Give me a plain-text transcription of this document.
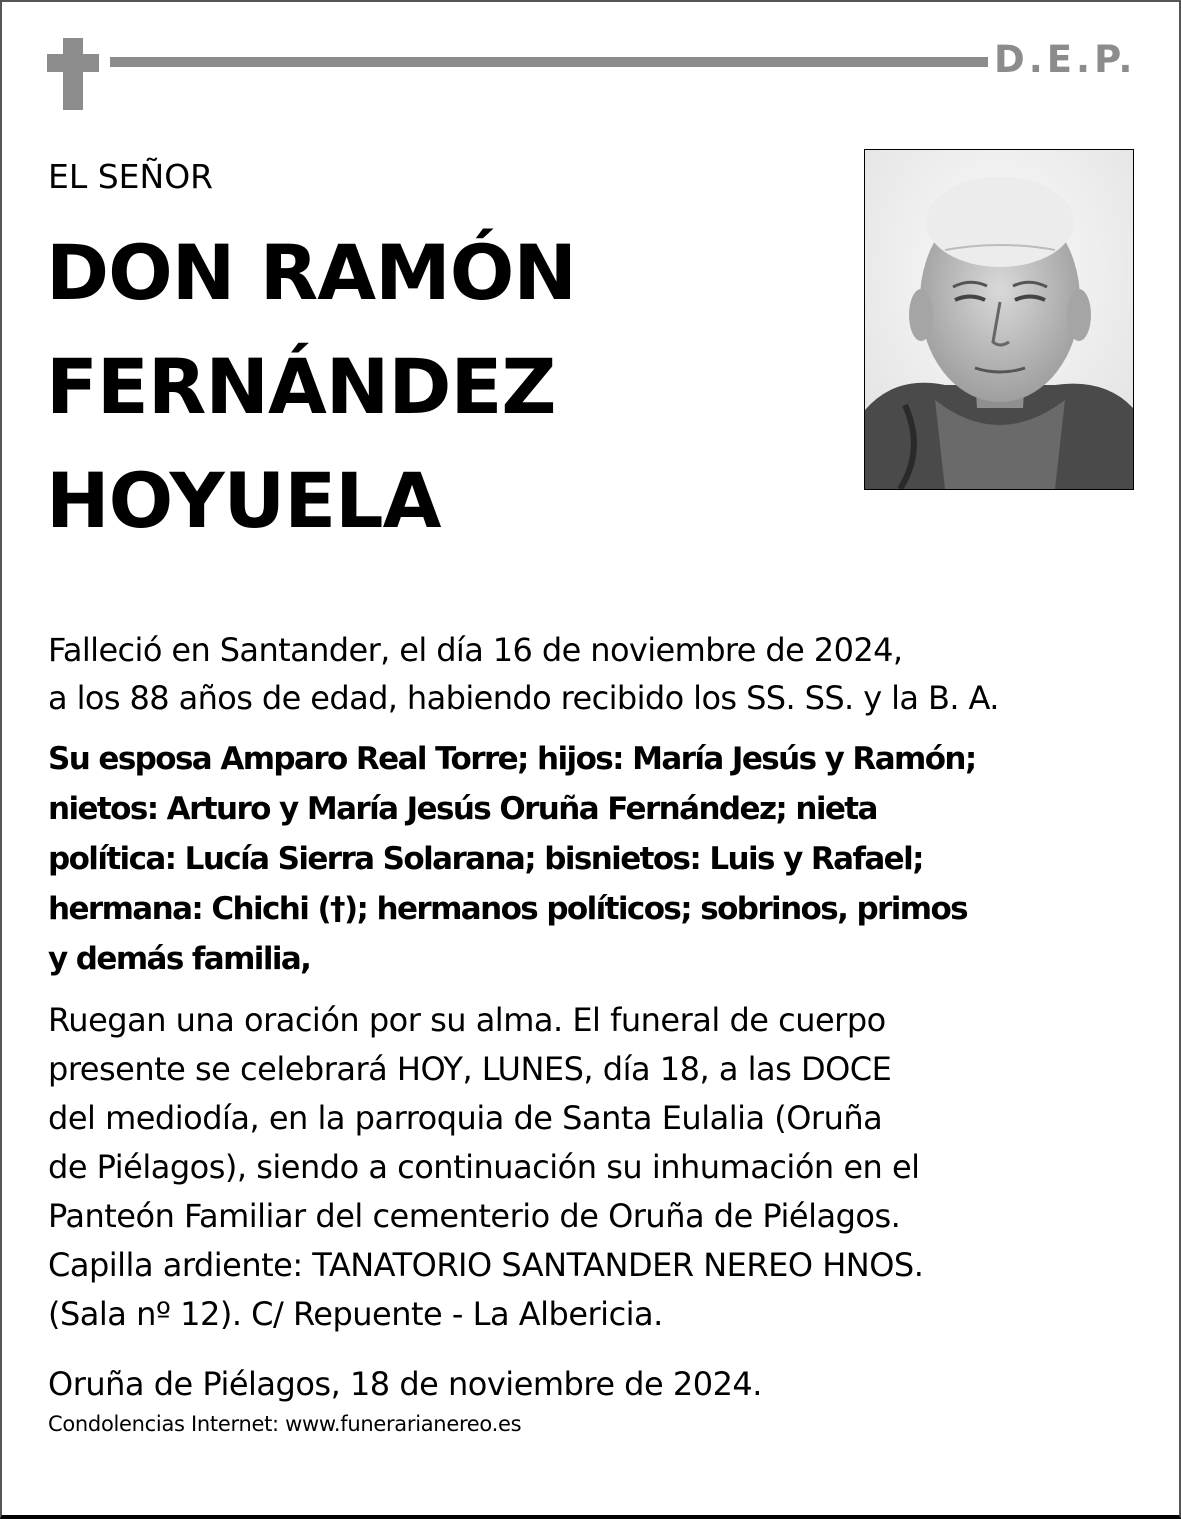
D.E.P.
EL SEÑOR
DON RAMÓN
FERNÁNDEZ
HOYUELA
Falleció en Santander, el día 16 de noviembre de 2024,
a los 88 años de edad, habiendo recibido los SS. SS. y la B. A.
Su esposa Amparo Real Torre; hijos: María Jesús y Ramón;
nietos: Arturo y María Jesús Oruña Fernández; nieta
política: Lucía Sierra Solarana; bisnietos: Luis y Rafael;
hermana: Chichi (†); hermanos políticos; sobrinos, primos
y demás familia,
Ruegan una oración por su alma. El funeral de cuerpo
presente se celebrará HOY, LUNES, día 18, a las DOCE
del mediodía, en la parroquia de Santa Eulalia (Oruña
de Piélagos), siendo a continuación su inhumación en el
Panteón Familiar del cementerio de Oruña de Piélagos.
Capilla ardiente: TANATORIO SANTANDER NEREO HNOS.
(Sala nº 12). C/ Repuente - La Albericia.
Oruña de Piélagos, 18 de noviembre de 2024.
Condolencias Internet: www.funerarianereo.es
